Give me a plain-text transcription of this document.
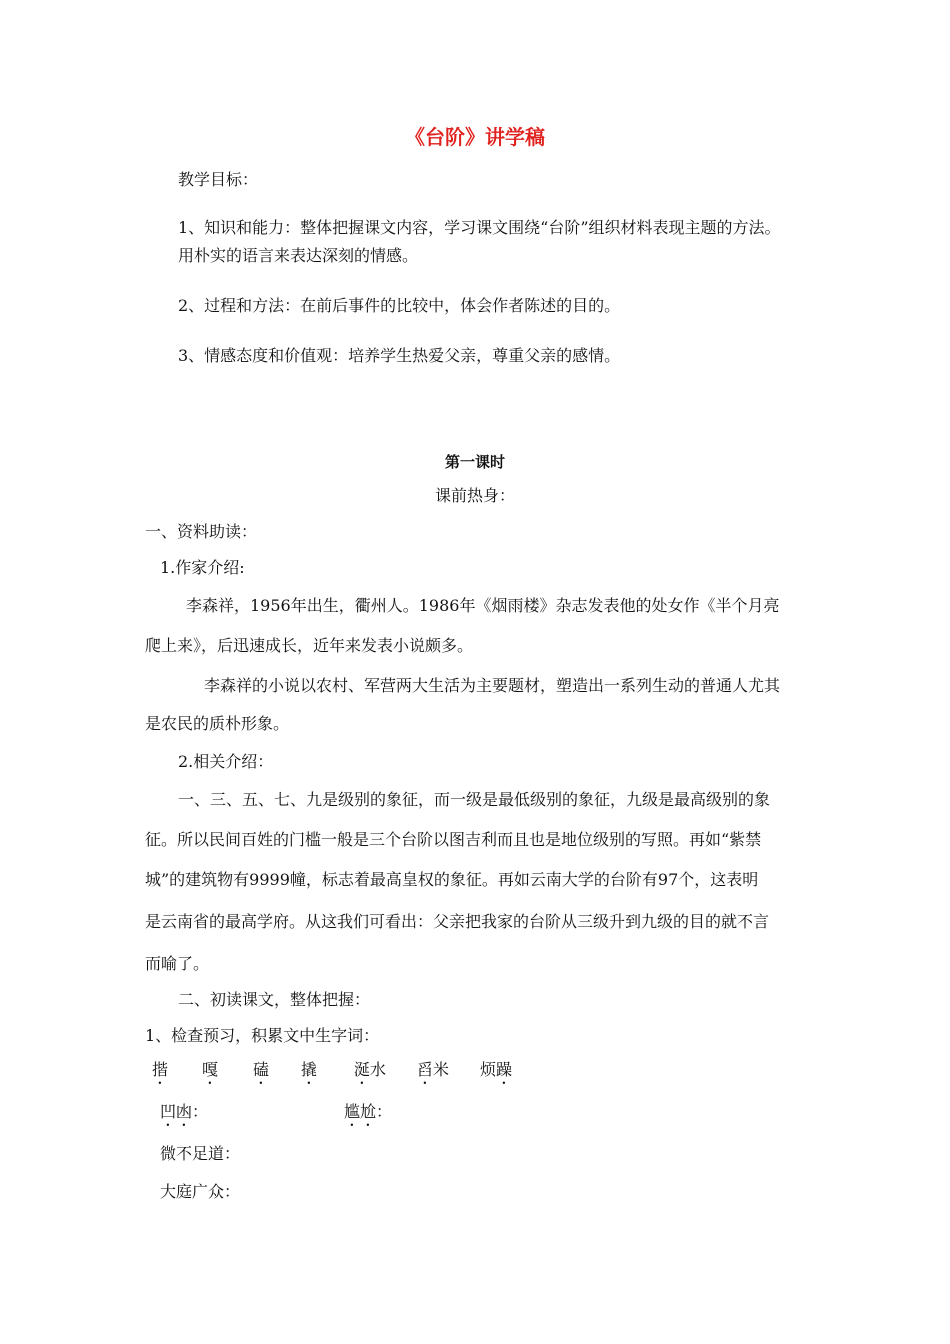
《台阶》讲学稿
教学目标：
1、知识和能力：整体把握课文内容，学习课文围绕“台阶”组织材料表现主题的方法。
用朴实的语言来表达深刻的情感。
2、过程和方法：在前后事件的比较中，体会作者陈述的目的。
3、情感态度和价值观：培养学生热爱父亲，尊重父亲的感情。
第一课时
课前热身：
一、资料助读：
1.作家介绍:
李森祥，1956年出生，衢州人。1986年《烟雨楼》杂志发表他的处女作《半个月亮
爬上来》，后迅速成长，近年来发表小说颇多。
李森祥的小说以农村、军营两大生活为主要题材，塑造出一系列生动的普通人尤其
是农民的质朴形象。
2.相关介绍：
一、三、五、七、九是级别的象征，而一级是最低级别的象征，九级是最高级别的象
征。所以民间百姓的门槛一般是三个台阶以图吉利而且也是地位级别的写照。再如“紫禁
城”的建筑物有9999幢，标志着最高皇权的象征。再如云南大学的台阶有97个，这表明
是云南省的最高学府。从这我们可看出：父亲把我家的台阶从三级升到九级的目的就不言
而喻了。
二、初读课文，整体把握：
1、检查预习，积累文中生字词：
揩 嘎 磕 撬 涎水 舀米 烦躁
凹凼：	尴尬：
微不足道：
大庭广众：
